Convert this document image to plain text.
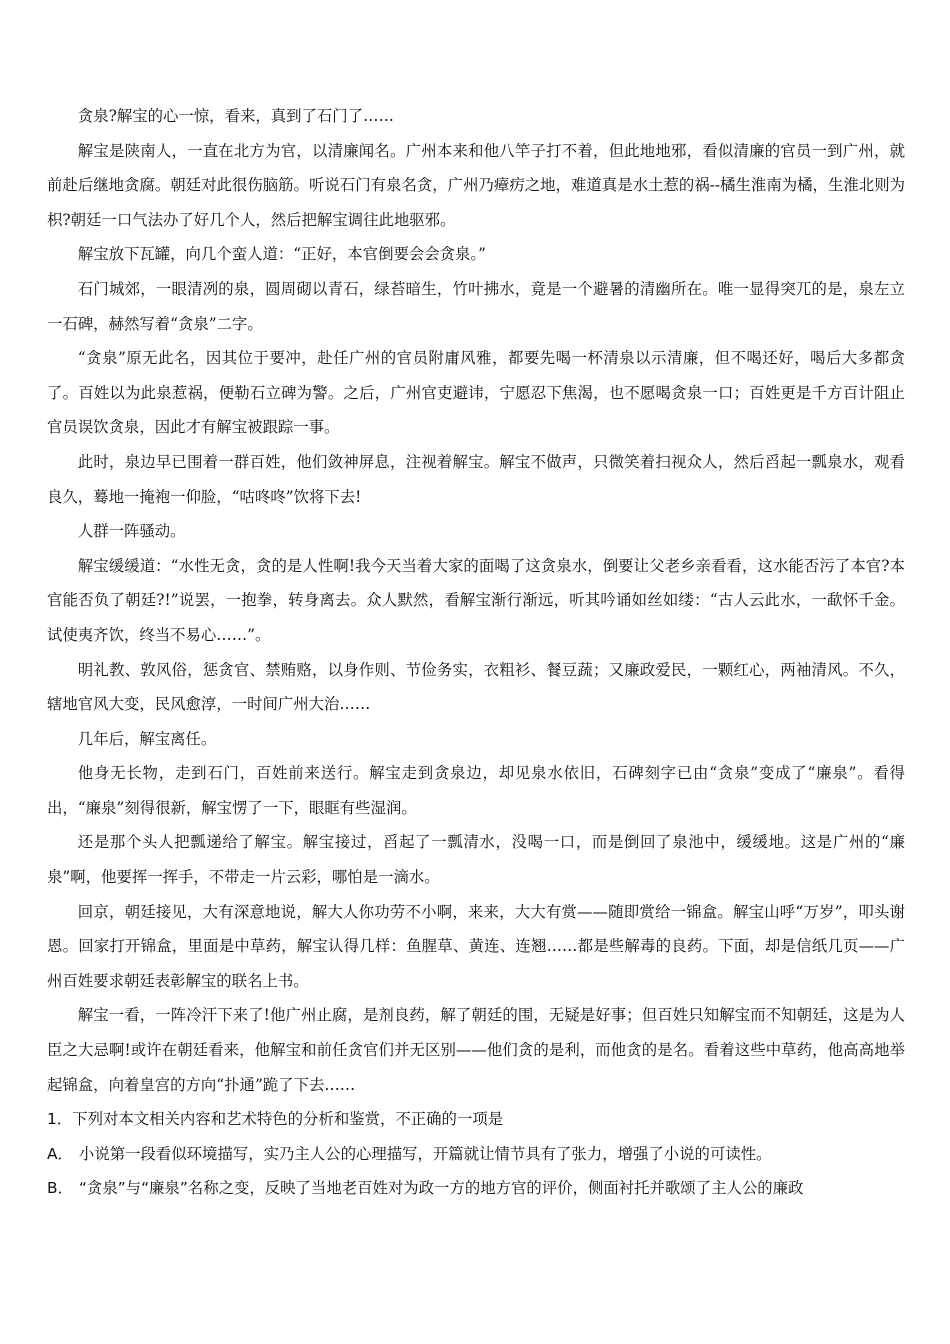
贪泉?解宝的心一惊，看来，真到了石门了……

解宝是陕南人，一直在北方为官，以清廉闻名。广州本来和他八竿子打不着，但此地地邪，看似清廉的官员一到广州，就前赴后继地贪腐。朝廷对此很伤脑筋。听说石门有泉名贪，广州乃瘴疠之地，难道真是水土惹的祸--橘生淮南为橘，生淮北则为枳?朝廷一口气法办了好几个人，然后把解宝调往此地驱邪。

解宝放下瓦罐，向几个蛮人道：“正好，本官倒要会会贪泉。”

石门城郊，一眼清冽的泉，圆周砌以青石，绿苔暗生，竹叶拂水，竟是一个避暑的清幽所在。唯一显得突兀的是，泉左立一石碑，赫然写着“贪泉”二字。

“贪泉”原无此名，因其位于要冲，赴任广州的官员附庸风雅，都要先喝一杯清泉以示清廉，但不喝还好，喝后大多都贪了。百姓以为此泉惹祸，便勒石立碑为警。之后，广州官吏避讳，宁愿忍下焦渴，也不愿喝贪泉一口；百姓更是千方百计阻止官员误饮贪泉，因此才有解宝被跟踪一事。

此时，泉边早已围着一群百姓，他们敛神屏息，注视着解宝。解宝不做声，只微笑着扫视众人，然后舀起一瓢泉水，观看良久，蓦地一掩袍一仰脸，“咕咚咚”饮将下去!

人群一阵骚动。

解宝缓缓道：“水性无贪，贪的是人性啊!我今天当着大家的面喝了这贪泉水，倒要让父老乡亲看看，这水能否污了本官?本官能否负了朝廷?!”说罢，一抱拳，转身离去。众人默然，看解宝渐行渐远，听其吟诵如丝如缕：“古人云此水，一歃怀千金。试使夷齐饮，终当不易心……”。

明礼教、敦风俗，惩贪官、禁贿赂，以身作则、节俭务实，衣粗衫、餐豆蔬；又廉政爱民，一颗红心，两袖清风。不久，辖地官风大变，民风愈淳，一时间广州大治……

几年后，解宝离任。

他身无长物，走到石门，百姓前来送行。解宝走到贪泉边，却见泉水依旧，石碑刻字已由“贪泉”变成了“廉泉”。看得出，“廉泉”刻得很新，解宝愣了一下，眼眶有些湿润。

还是那个头人把瓢递给了解宝。解宝接过，舀起了一瓢清水，没喝一口，而是倒回了泉池中，缓缓地。这是广州的“廉泉”啊，他要挥一挥手，不带走一片云彩，哪怕是一滴水。

回京，朝廷接见，大有深意地说，解大人你功劳不小啊，来来，大大有赏——随即赏给一锦盒。解宝山呼“万岁”，叩头谢恩。回家打开锦盒，里面是中草药，解宝认得几样：鱼腥草、黄连、连翘……都是些解毒的良药。下面，却是信纸几页——广州百姓要求朝廷表彰解宝的联名上书。

解宝一看，一阵冷汗下来了!他广州止腐，是剂良药，解了朝廷的围，无疑是好事；但百姓只知解宝而不知朝廷，这是为人臣之大忌啊!或许在朝廷看来，他解宝和前任贪官们并无区别——他们贪的是利，而他贪的是名。看着这些中草药，他高高地举起锦盒，向着皇宫的方向“扑通”跪了下去……

1．下列对本文相关内容和艺术特色的分析和鉴赏，不正确的一项是

A． 小说第一段看似环境描写，实乃主人公的心理描写，开篇就让情节具有了张力，增强了小说的可读性。

B． “贪泉”与“廉泉”名称之变，反映了当地老百姓对为政一方的地方官的评价，侧面衬托并歌颂了主人公的廉政
